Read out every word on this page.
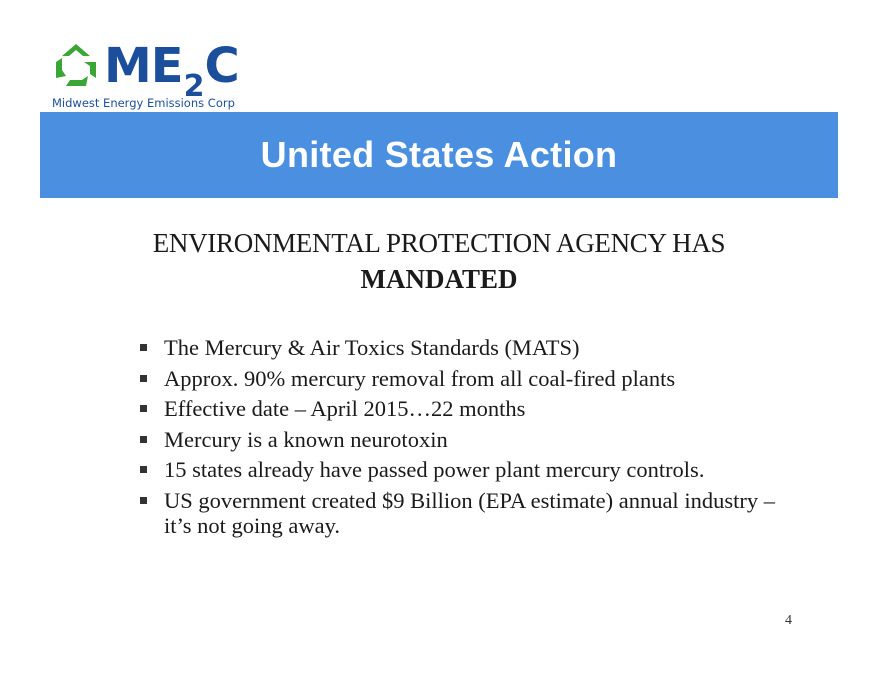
ME 2 C
Midwest Energy Emissions Corp
United States Action
ENVIRONMENTAL PROTECTION AGENCY HAS
MANDATED
The Mercury & Air Toxics Standards (MATS)
Approx. 90% mercury removal from all coal-fired plants
Effective date – April 2015…22 months
Mercury is a known neurotoxin
15 states already have passed power plant mercury controls.
US government created $9 Billion (EPA estimate) annual industry – it’s not going away.
4
